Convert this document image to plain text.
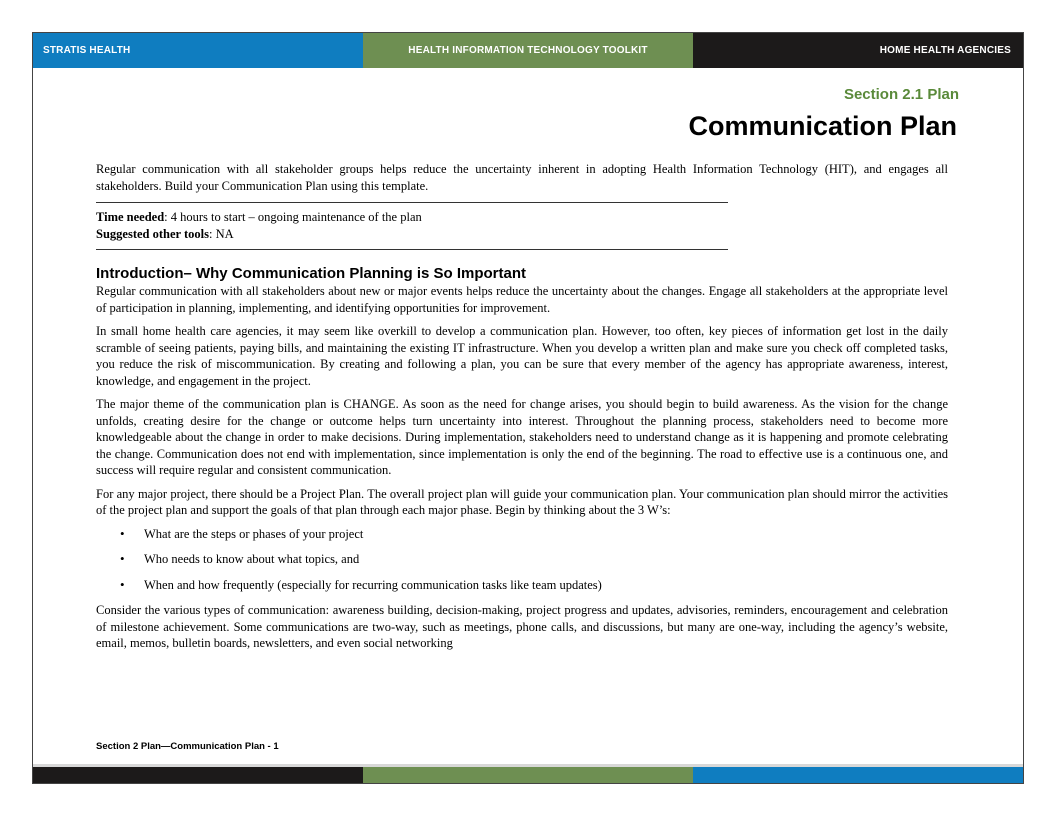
STRATIS HEALTH	HEALTH INFORMATION TECHNOLOGY TOOLKIT	HOME HEALTH AGENCIES
Section 2.1 Plan
Communication Plan

Regular communication with all stakeholder groups helps reduce the uncertainty inherent in adopting Health Information Technology (HIT), and engages all stakeholders. Build your Communication Plan using this template.

Time needed: 4 hours to start – ongoing maintenance of the plan
Suggested other tools: NA
Introduction– Why Communication Planning is So Important

Regular communication with all stakeholders about new or major events helps reduce the uncertainty about the changes. Engage all stakeholders at the appropriate level of participation in planning, implementing, and identifying opportunities for improvement.

In small home health care agencies, it may seem like overkill to develop a communication plan. However, too often, key pieces of information get lost in the daily scramble of seeing patients, paying bills, and maintaining the existing IT infrastructure. When you develop a written plan and make sure you check off completed tasks, you reduce the risk of miscommunication. By creating and following a plan, you can be sure that every member of the agency has appropriate awareness, interest, knowledge, and engagement in the project.

The major theme of the communication plan is CHANGE. As soon as the need for change arises, you should begin to build awareness. As the vision for the change unfolds, creating desire for the change or outcome helps turn uncertainty into interest. Throughout the planning process, stakeholders need to become more knowledgeable about the change in order to make decisions. During implementation, stakeholders need to understand change as it is happening and promote celebrating the change. Communication does not end with implementation, since implementation is only the end of the beginning. The road to effective use is a continuous one, and success will require regular and consistent communication.

For any major project, there should be a Project Plan. The overall project plan will guide your communication plan. Your communication plan should mirror the activities of the project plan and support the goals of that plan through each major phase. Begin by thinking about the 3 W’s:

• What are the steps or phases of your project
• Who needs to know about what topics, and
• When and how frequently (especially for recurring communication tasks like team updates)

Consider the various types of communication: awareness building, decision-making, project progress and updates, advisories, reminders, encouragement and celebration of milestone achievement. Some communications are two-way, such as meetings, phone calls, and discussions, but many are one-way, including the agency’s website, email, memos, bulletin boards, newsletters, and even social networking

Section 2 Plan—Communication Plan - 1
